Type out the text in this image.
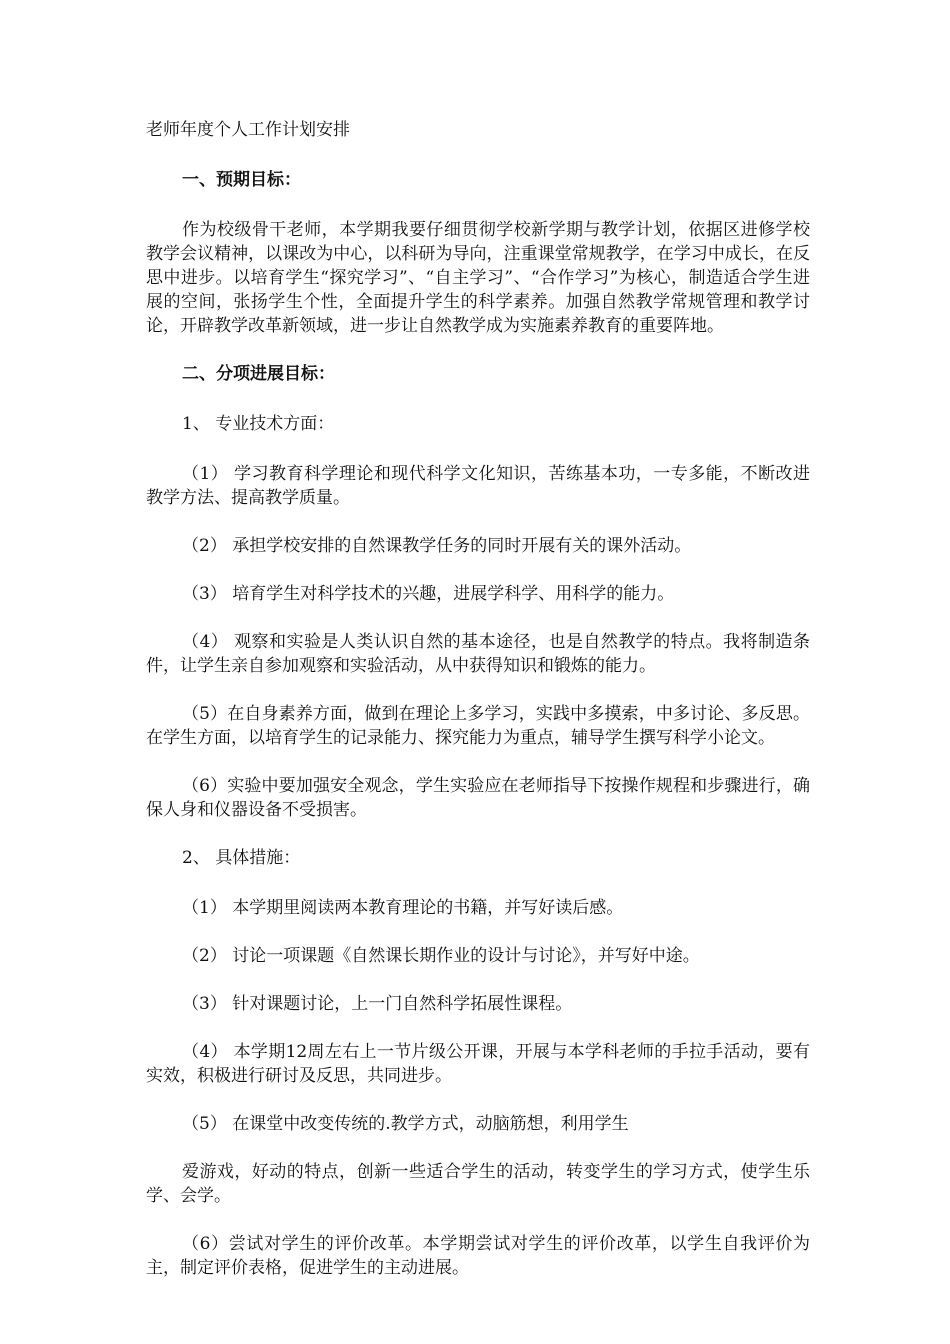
老师年度个人工作计划安排

一、预期目标：

作为校级骨干老师，本学期我要仔细贯彻学校新学期与教学计划，依据区进修学校教学会议精神，以课改为中心，以科研为导向，注重课堂常规教学，在学习中成长，在反思中进步。以培育学生“探究学习”、“自主学习”、“合作学习”为核心，制造适合学生进展的空间，张扬学生个性，全面提升学生的科学素养。加强自然教学常规管理和教学讨论，开辟教学改革新领域，进一步让自然教学成为实施素养教育的重要阵地。

二、分项进展目标：

1、 专业技术方面：

（1） 学习教育科学理论和现代科学文化知识，苦练基本功，一专多能，不断改进教学方法、提高教学质量。

（2） 承担学校安排的自然课教学任务的同时开展有关的课外活动。

（3） 培育学生对科学技术的兴趣，进展学科学、用科学的能力。

（4） 观察和实验是人类认识自然的基本途径，也是自然教学的特点。我将制造条件，让学生亲自参加观察和实验活动，从中获得知识和锻炼的能力。

（5）在自身素养方面，做到在理论上多学习，实践中多摸索，中多讨论、多反思。在学生方面，以培育学生的记录能力、探究能力为重点，辅导学生撰写科学小论文。

（6）实验中要加强安全观念，学生实验应在老师指导下按操作规程和步骤进行，确保人身和仪器设备不受损害。

2、 具体措施：

（1） 本学期里阅读两本教育理论的书籍，并写好读后感。

（2） 讨论一项课题《自然课长期作业的设计与讨论》，并写好中途。

（3） 针对课题讨论，上一门自然科学拓展性课程。

（4） 本学期12周左右上一节片级公开课，开展与本学科老师的手拉手活动，要有实效，积极进行研讨及反思，共同进步。

（5） 在课堂中改变传统的.教学方式，动脑筋想，利用学生

爱游戏，好动的特点，创新一些适合学生的活动，转变学生的学习方式，使学生乐学、会学。

（6）尝试对学生的评价改革。本学期尝试对学生的评价改革，以学生自我评价为主，制定评价表格，促进学生的主动进展。
